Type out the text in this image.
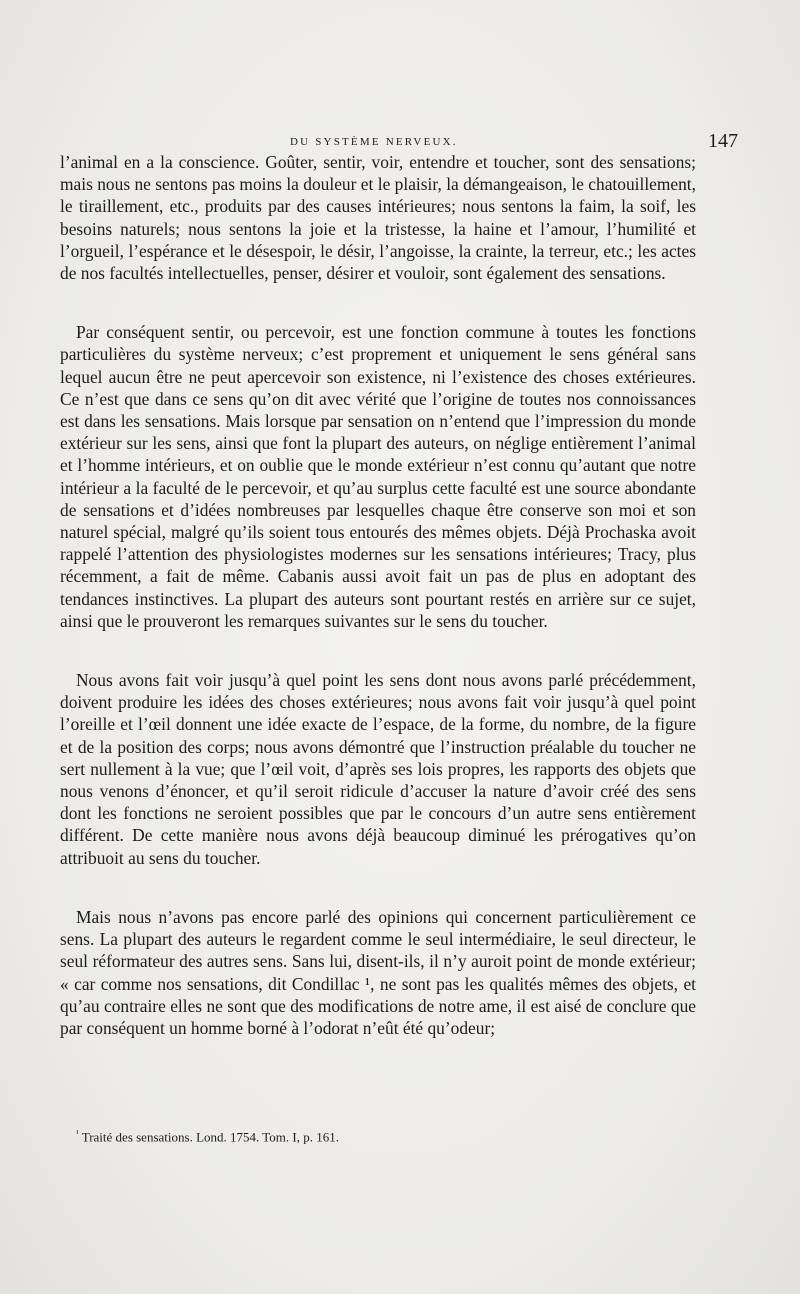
DU SYSTÈME NERVEUX.	147

l’animal en a la conscience. Goûter, sentir, voir, entendre et toucher, sont des sensations; mais nous ne sentons pas moins la douleur et le plaisir, la démangeaison, le chatouillement, le tiraillement, etc., produits par des causes intérieures; nous sentons la faim, la soif, les besoins naturels; nous sentons la joie et la tristesse, la haine et l’amour, l’humilité et l’orgueil, l’espérance et le désespoir, le désir, l’angoisse, la crainte, la terreur, etc.; les actes de nos facultés intellectuelles, penser, désirer et vouloir, sont également des sensations.

Par conséquent sentir, ou percevoir, est une fonction commune à toutes les fonctions particulières du système nerveux; c’est proprement et uniquement le sens général sans lequel aucun être ne peut apercevoir son existence, ni l’existence des choses extérieures. Ce n’est que dans ce sens qu’on dit avec vérité que l’origine de toutes nos connoissances est dans les sensations. Mais lorsque par sensation on n’entend que l’impression du monde extérieur sur les sens, ainsi que font la plupart des auteurs, on néglige entièrement l’animal et l’homme intérieurs, et on oublie que le monde extérieur n’est connu qu’autant que notre intérieur a la faculté de le percevoir, et qu’au surplus cette faculté est une source abondante de sensations et d’idées nombreuses par lesquelles chaque être conserve son moi et son naturel spécial, malgré qu’ils soient tous entourés des mêmes objets. Déjà Prochaska avoit rappelé l’attention des physiologistes modernes sur les sensations intérieures; Tracy, plus récemment, a fait de même. Cabanis aussi avoit fait un pas de plus en adoptant des tendances instinctives. La plupart des auteurs sont pourtant restés en arrière sur ce sujet, ainsi que le prouveront les remarques suivantes sur le sens du toucher.

Nous avons fait voir jusqu’à quel point les sens dont nous avons parlé précédemment, doivent produire les idées des choses extérieures; nous avons fait voir jusqu’à quel point l’oreille et l’œil donnent une idée exacte de l’espace, de la forme, du nombre, de la figure et de la position des corps; nous avons démontré que l’instruction préalable du toucher ne sert nullement à la vue; que l’œil voit, d’après ses lois propres, les rapports des objets que nous venons d’énoncer, et qu’il seroit ridicule d’accuser la nature d’avoir créé des sens dont les fonctions ne seroient possibles que par le concours d’un autre sens entièrement différent. De cette manière nous avons déjà beaucoup diminué les prérogatives qu’on attribuoit au sens du toucher.

Mais nous n’avons pas encore parlé des opinions qui concernent particulièrement ce sens. La plupart des auteurs le regardent comme le seul intermédiaire, le seul directeur, le seul réformateur des autres sens. Sans lui, disent-ils, il n’y auroit point de monde extérieur; « car comme nos sensations, dit Condillac ¹, ne sont pas les qualités mêmes des objets, et qu’au contraire elles ne sont que des modifications de notre ame, il est aisé de conclure que par conséquent un homme borné à l’odorat n’eût été qu’odeur;

$^{^1}$ Traité des sensations. Lond. 1754. Tom. I, p. 161.
